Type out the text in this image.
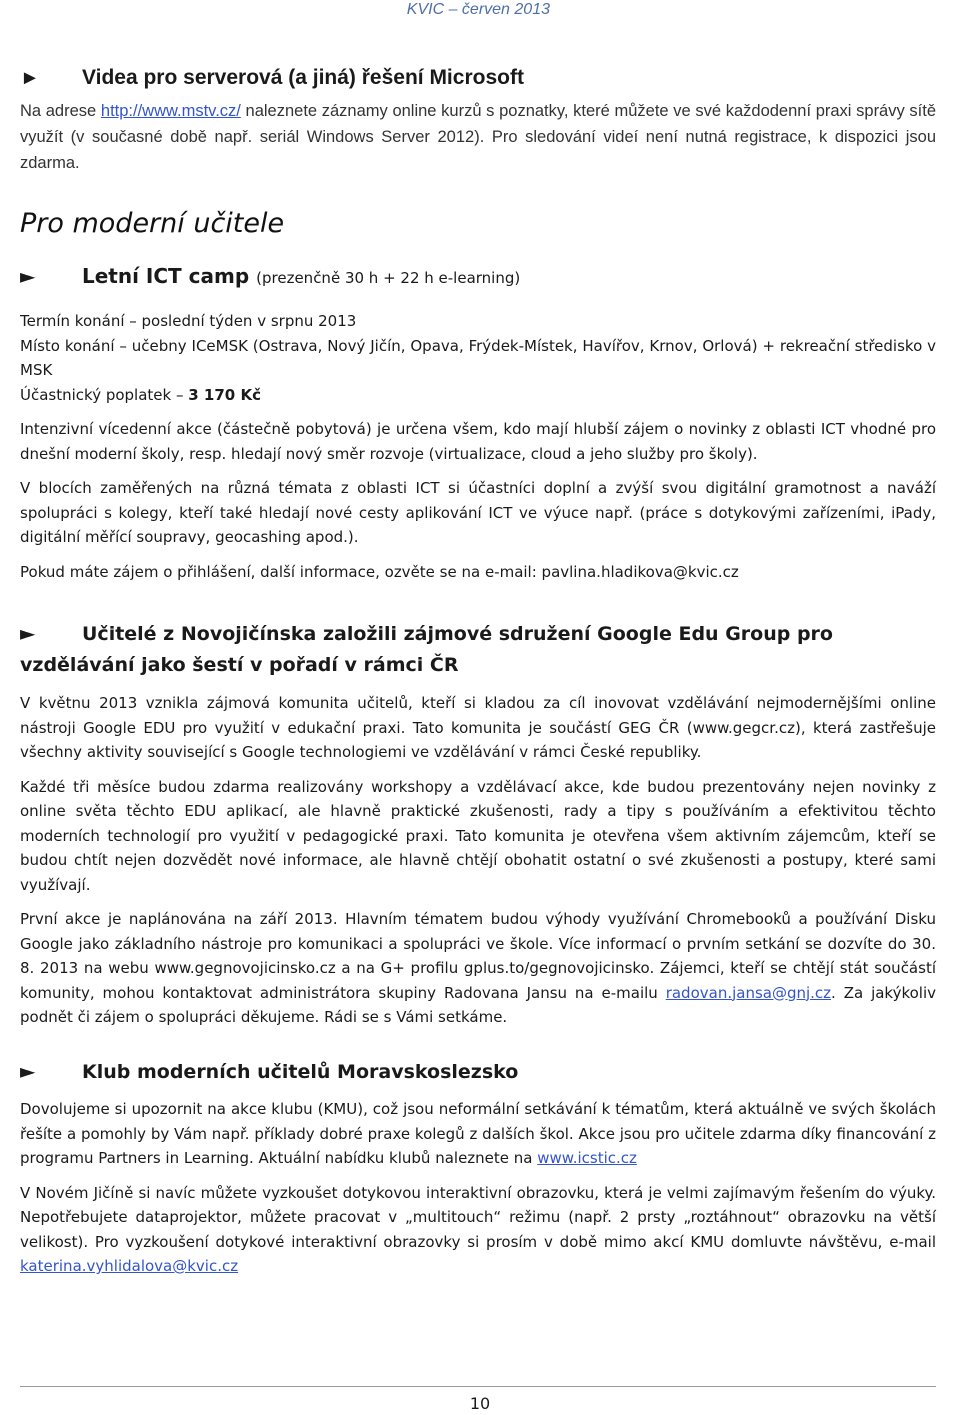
KVIC – červen 2013
► Videa pro serverová (a jiná) řešení Microsoft

Na adrese http://www.mstv.cz/ naleznete záznamy online kurzů s poznatky, které můžete ve své každodenní praxi správy sítě využít (v současné době např. seriál Windows Server 2012). Pro sledování videí není nutná registrace, k dispozici jsou zdarma.

Pro moderní učitele
► Letní ICT camp (prezenčně 30 h + 22 h e-learning)

Termín konání – poslední týden v srpnu 2013

Místo konání – učebny ICeMSK (Ostrava, Nový Jičín, Opava, Frýdek-Místek, Havířov, Krnov, Orlová) + rekreační středisko v MSK

Účastnický poplatek – 3 170 Kč

Intenzivní vícedenní akce (částečně pobytová) je určena všem, kdo mají hlubší zájem o novinky z oblasti ICT vhodné pro dnešní moderní školy, resp. hledají nový směr rozvoje (virtualizace, cloud a jeho služby pro školy).

V blocích zaměřených na různá témata z oblasti ICT si účastníci doplní a zvýší svou digitální gramotnost a naváží spolupráci s kolegy, kteří také hledají nové cesty aplikování ICT ve výuce např. (práce s dotykovými zařízeními, iPady, digitální měřící soupravy, geocashing apod.).

Pokud máte zájem o přihlášení, další informace, ozvěte se na e-mail: pavlina.hladikova@kvic.cz

► Učitelé z Novojičínska založili zájmové sdružení Google Edu Group pro vzdělávání jako šestí v pořadí v rámci ČR

V květnu 2013 vznikla zájmová komunita učitelů, kteří si kladou za cíl inovovat vzdělávání nejmodernějšími online nástroji Google EDU pro využití v edukační praxi. Tato komunita je součástí GEG ČR (www.gegcr.cz), která zastřešuje všechny aktivity související s Google technologiemi ve vzdělávání v rámci České republiky.

Každé tři měsíce budou zdarma realizovány workshopy a vzdělávací akce, kde budou prezentovány nejen novinky z online světa těchto EDU aplikací, ale hlavně praktické zkušenosti, rady a tipy s používáním a efektivitou těchto moderních technologií pro využití v pedagogické praxi. Tato komunita je otevřena všem aktivním zájemcům, kteří se budou chtít nejen dozvědět nové informace, ale hlavně chtějí obohatit ostatní o své zkušenosti a postupy, které sami využívají.

První akce je naplánována na září 2013. Hlavním tématem budou výhody využívání Chromebooků a používání Disku Google jako základního nástroje pro komunikaci a spolupráci ve škole. Více informací o prvním setkání se dozvíte do 30. 8. 2013 na webu www.gegnovojicinsko.cz a na G+ profilu gplus.to/gegnovojicinsko. Zájemci, kteří se chtějí stát součástí komunity, mohou kontaktovat administrátora skupiny Radovana Jansu na e-mailu radovan.jansa@gnj.cz. Za jakýkoliv podnět či zájem o spolupráci děkujeme. Rádi se s Vámi setkáme.

► Klub moderních učitelů Moravskoslezsko

Dovolujeme si upozornit na akce klubu (KMU), což jsou neformální setkávání k tématům, která aktuálně ve svých školách řešíte a pomohly by Vám např. příklady dobré praxe kolegů z dalších škol. Akce jsou pro učitele zdarma díky financování z programu Partners in Learning. Aktuální nabídku klubů naleznete na www.icstic.cz

V Novém Jičíně si navíc můžete vyzkoušet dotykovou interaktivní obrazovku, která je velmi zajímavým řešením do výuky. Nepotřebujete dataprojektor, můžete pracovat v „multitouch“ režimu (např. 2 prsty „roztáhnout“ obrazovku na větší velikost). Pro vyzkoušení dotykové interaktivní obrazovky si prosím v době mimo akcí KMU domluvte návštěvu, e-mail katerina.vyhlidalova@kvic.cz

10
